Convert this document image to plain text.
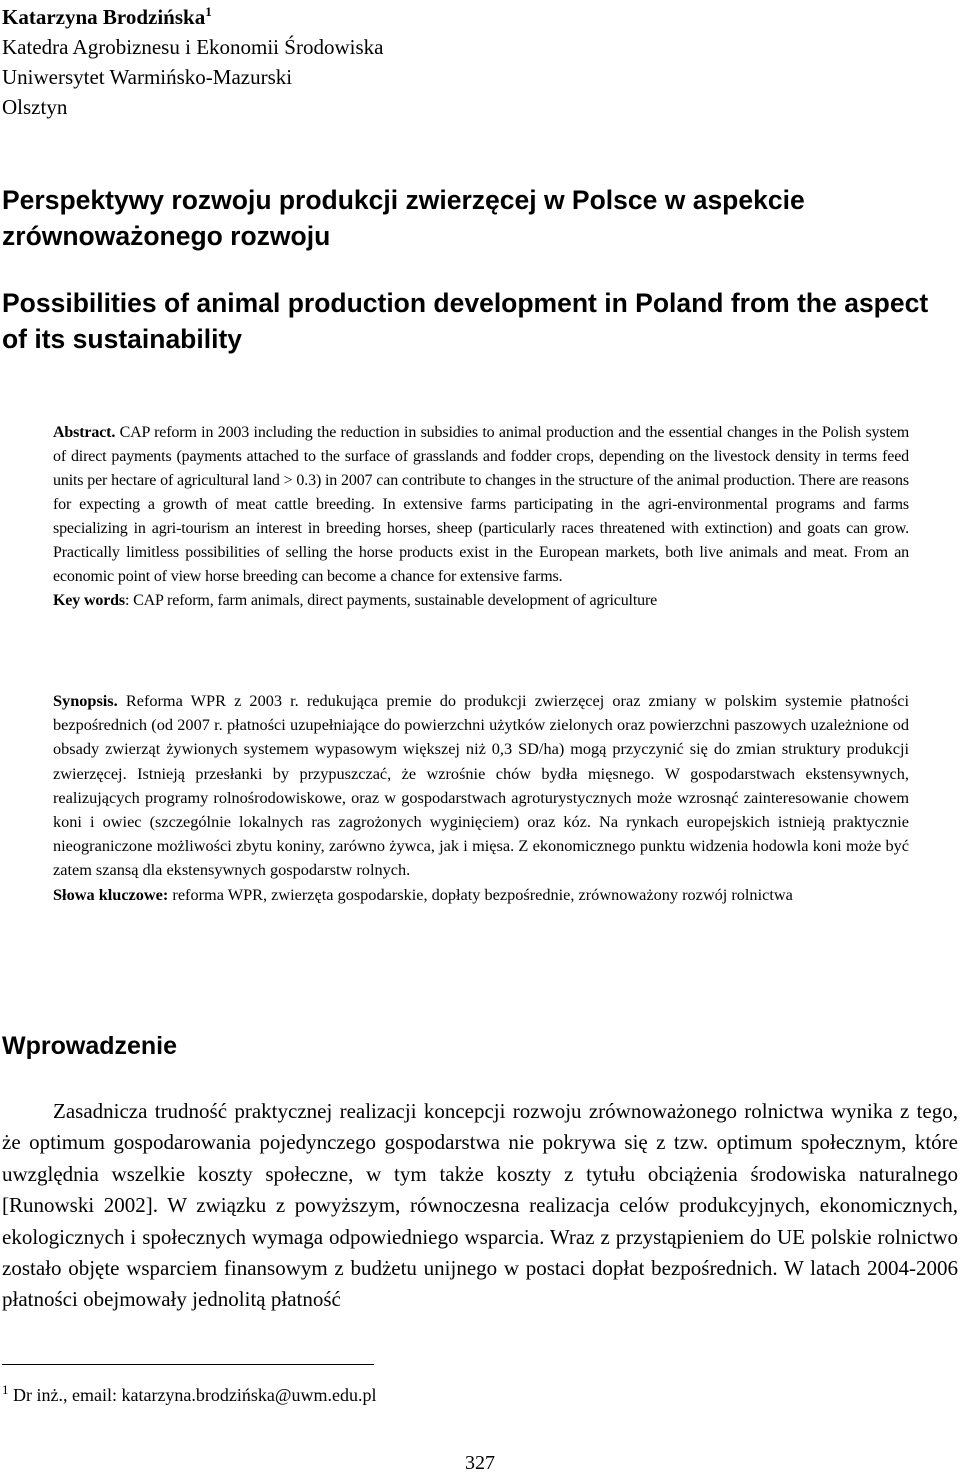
Katarzyna Brodzińska$^1$
Katedra Agrobiznesu i Ekonomii Środowiska
Uniwersytet Warmińsko-Mazurski
Olsztyn
Perspektywy rozwoju produkcji zwierzęcej w Polsce w aspekcie zrównoważonego rozwoju
Possibilities of animal production development in Poland from the aspect of its sustainability
Abstract. CAP reform in 2003 including the reduction in subsidies to animal production and the essential changes in the Polish system of direct payments (payments attached to the surface of grasslands and fodder crops, depending on the livestock density in terms feed units per hectare of agricultural land > 0.3) in 2007 can contribute to changes in the structure of the animal production. There are reasons for expecting a growth of meat cattle breeding. In extensive farms participating in the agri-environmental programs and farms specializing in agri-tourism an interest in breeding horses, sheep (particularly races threatened with extinction) and goats can grow. Practically limitless possibilities of selling the horse products exist in the European markets, both live animals and meat. From an economic point of view horse breeding can become a chance for extensive farms.
Key words: CAP reform, farm animals, direct payments, sustainable development of agriculture
Synopsis. Reforma WPR z 2003 r. redukująca premie do produkcji zwierzęcej oraz zmiany w polskim systemie płatności bezpośrednich (od 2007 r. płatności uzupełniające do powierzchni użytków zielonych oraz powierzchni paszowych uzależnione od obsady zwierząt żywionych systemem wypasowym większej niż 0,3 SD/ha) mogą przyczynić się do zmian struktury produkcji zwierzęcej. Istnieją przesłanki by przypuszczać, że wzrośnie chów bydła mięsnego. W gospodarstwach ekstensywnych, realizujących programy rolnośrodowiskowe, oraz w gospodarstwach agroturystycznych może wzrosnąć zainteresowanie chowem koni i owiec (szczególnie lokalnych ras zagrożonych wyginięciem) oraz kóz. Na rynkach europejskich istnieją praktycznie nieograniczone możliwości zbytu koniny, zarówno żywca, jak i mięsa. Z ekonomicznego punktu widzenia hodowla koni może być zatem szansą dla ekstensywnych gospodarstw rolnych.
Słowa kluczowe: reforma WPR, zwierzęta gospodarskie, dopłaty bezpośrednie, zrównoważony rozwój rolnictwa
Wprowadzenie
Zasadnicza trudność praktycznej realizacji koncepcji rozwoju zrównoważonego rolnictwa wynika z tego, że optimum gospodarowania pojedynczego gospodarstwa nie pokrywa się z tzw. optimum społecznym, które uwzględnia wszelkie koszty społeczne, w tym także koszty z tytułu obciążenia środowiska naturalnego [Runowski 2002]. W związku z powyższym, równoczesna realizacja celów produkcyjnych, ekonomicznych, ekologicznych i społecznych wymaga odpowiedniego wsparcia. Wraz z przystąpieniem do UE polskie rolnictwo zostało objęte wsparciem finansowym z budżetu unijnego w postaci dopłat bezpośrednich. W latach 2004-2006 płatności obejmowały jednolitą płatność
$^1$ Dr inż., email: katarzyna.brodzińska@uwm.edu.pl
327
